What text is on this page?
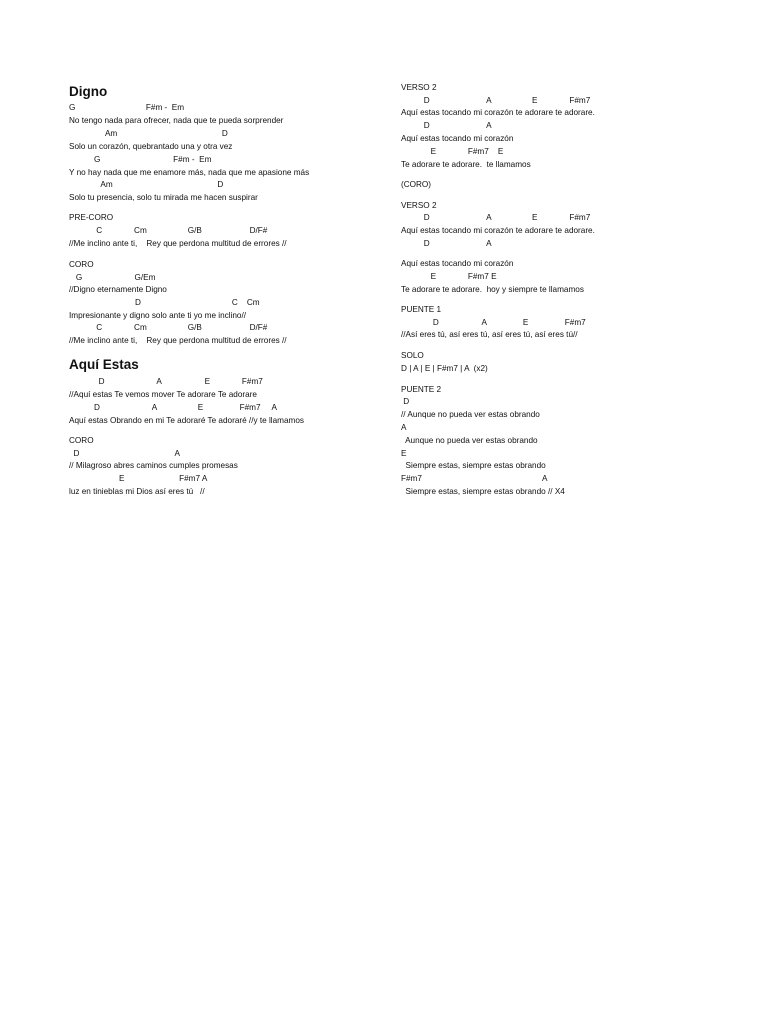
Digno
G                               F#m -  Em
No tengo nada para ofrecer, nada que te pueda sorprender
Am                                              D
Solo un corazón, quebrantado una y otra vez
G                                F#m -  Em
Y no hay nada que me enamore más, nada que me apasione más
Am                                              D
Solo tu presencia, solo tu mirada me hacen suspirar
PRE-CORO
C              Cm                  G/B                     D/F#
//Me inclino ante ti,    Rey que perdona multitud de errores //
CORO
G                       G/Em
//Digno eternamente Digno
D                                        C    Cm
Impresionante y digno solo ante ti yo me inclino//
C              Cm                  G/B                     D/F#
//Me inclino ante ti,    Rey que perdona multitud de errores //
Aquí Estas
D                       A                   E              F#m7
//Aquí estas Te vemos mover Te adorare Te adorare
D                       A                  E                F#m7     A
Aquí estas Obrando en mi Te adoraré Te adoraré //y te llamamos
CORO
D                                          A
// Milagroso abres caminos cumples promesas
E                        F#m7 A
luz en tinieblas mi Dios así eres tú   //
VERSO 2
D                         A                  E              F#m7
Aquí estas tocando mi corazón te adorare te adorare.
D                         A
Aquí estas tocando mi corazón
E              F#m7    E
Te adorare te adorare.  te llamamos
(CORO)
VERSO 2
D                         A                  E              F#m7
Aquí estas tocando mi corazón te adorare te adorare.
D                         A
Aquí estas tocando mi corazón
E              F#m7 E
Te adorare te adorare.  hoy y siempre te llamamos
PUENTE 1
D                   A                E                F#m7
//Así eres tú, así eres tú, así eres tú, así eres tú//
SOLO
D | A | E | F#m7 | A  (x2)
PUENTE 2
D
// Aunque no pueda ver estas obrando
A
Aunque no pueda ver estas obrando
E
Siempre estas, siempre estas obrando
F#m7                                                     A
Siempre estas, siempre estas obrando // X4
